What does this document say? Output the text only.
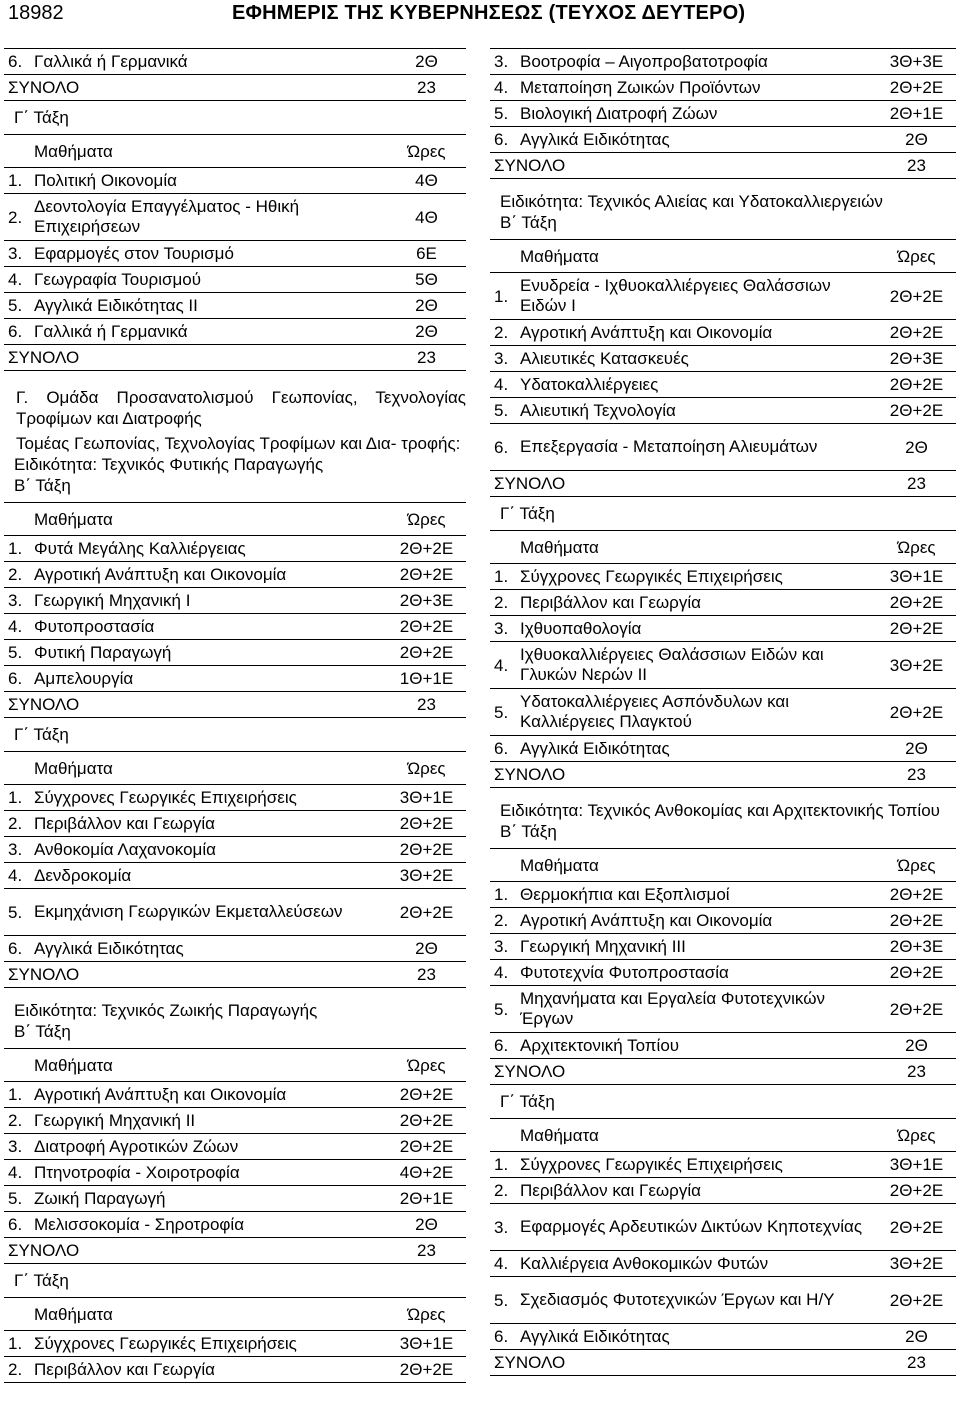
18982	ΕΦΗΜΕΡΙΣ ΤΗΣ ΚΥΒΕΡΝΗΣΕΩΣ (ΤΕΥΧΟΣ ΔΕΥΤΕΡΟ)
6.	Γαλλικά ή Γερμανικά	2Θ
ΣΥΝΟΛΟ		23
Γ΄ Τάξη
Μαθήματα		Ώρες
1.	Πολιτική Οικονομία	4Θ
2.	Δεοντολογία Επαγγέλματος - Ηθική Επιχειρήσεων	4Θ
3.	Εφαρμογές στον Τουρισμό	6Ε
4.	Γεωγραφία Τουρισμού	5Θ
5.	Αγγλικά Ειδικότητας ΙΙ	2Θ
6.	Γαλλικά ή Γερμανικά	2Θ
ΣΥΝΟΛΟ		23
Γ. Ομάδα Προσανατολισμού Γεωπονίας, Τεχνολογίας Τροφίμων και Διατροφής
Τομέας Γεωπονίας, Τεχνολογίας Τροφίμων και Δια- τροφής:
Ειδικότητα: Τεχνικός Φυτικής Παραγωγής
Β΄ Τάξη
Μαθήματα		Ώρες
1.	Φυτά Μεγάλης Καλλιέργειας	2Θ+2Ε
2.	Αγροτική Ανάπτυξη και Οικονομία	2Θ+2Ε
3.	Γεωργική Μηχανική Ι	2Θ+3Ε
4.	Φυτοπροστασία	2Θ+2Ε
5.	Φυτική Παραγωγή	2Θ+2Ε
6.	Αμπελουργία	1Θ+1Ε
ΣΥΝΟΛΟ		23
Γ΄ Τάξη
Μαθήματα		Ώρες
1.	Σύγχρονες Γεωργικές Επιχειρήσεις	3Θ+1Ε
2.	Περιβάλλον και Γεωργία	2Θ+2Ε
3.	Ανθοκομία Λαχανοκομία	2Θ+2Ε
4.	Δενδροκομία	3Θ+2Ε
5.	Εκμηχάνιση Γεωργικών Εκμεταλλεύσεων	2Θ+2Ε
6.	Αγγλικά Ειδικότητας	2Θ
ΣΥΝΟΛΟ		23
Ειδικότητα: Τεχνικός Ζωικής Παραγωγής
Β΄ Τάξη
Μαθήματα		Ώρες
1.	Αγροτική Ανάπτυξη και Οικονομία	2Θ+2Ε
2.	Γεωργική Μηχανική ΙΙ	2Θ+2Ε
3.	Διατροφή Αγροτικών Ζώων	2Θ+2Ε
4.	Πτηνοτροφία - Χοιροτροφία	4Θ+2Ε
5.	Ζωική Παραγωγή	2Θ+1Ε
6.	Μελισσοκομία - Σηροτροφία	2Θ
ΣΥΝΟΛΟ		23
Γ΄ Τάξη
Μαθήματα		Ώρες
1.	Σύγχρονες Γεωργικές Επιχειρήσεις	3Θ+1Ε
2.	Περιβάλλον και Γεωργία	2Θ+2Ε
3.	Βοοτροφία – Αιγοπροβατοτροφία	3Θ+3Ε
4.	Μεταποίηση Ζωικών Προϊόντων	2Θ+2Ε
5.	Βιολογική Διατροφή Ζώων	2Θ+1Ε
6.	Αγγλικά Ειδικότητας	2Θ
ΣΥΝΟΛΟ		23
Ειδικότητα: Τεχνικός Αλιείας και Υδατοκαλλιεργειών
Β΄ Τάξη
Μαθήματα		Ώρες
1.	Ενυδρεία - Ιχθυοκαλλιέργειες Θαλάσσιων Ειδών Ι	2Θ+2Ε
2.	Αγροτική Ανάπτυξη και Οικονομία	2Θ+2Ε
3.	Αλιευτικές Κατασκευές	2Θ+3Ε
4.	Υδατοκαλλιέργειες	2Θ+2Ε
5.	Αλιευτική Τεχνολογία	2Θ+2Ε
6.	Επεξεργασία - Μεταποίηση Αλιευμάτων	2Θ
ΣΥΝΟΛΟ		23
Γ΄ Τάξη
Μαθήματα		Ώρες
1.	Σύγχρονες Γεωργικές Επιχειρήσεις	3Θ+1Ε
2.	Περιβάλλον και Γεωργία	2Θ+2Ε
3.	Ιχθυοπαθολογία	2Θ+2Ε
4.	Ιχθυοκαλλιέργειες Θαλάσσιων Ειδών και Γλυκών Νερών ΙΙ	3Θ+2Ε
5.	Υδατοκαλλιέργειες Ασπόνδυλων και Καλλιέργειες Πλαγκτού	2Θ+2Ε
6.	Αγγλικά Ειδικότητας	2Θ
ΣΥΝΟΛΟ		23
Ειδικότητα: Τεχνικός Ανθοκομίας και Αρχιτεκτονικής Τοπίου
Β΄ Τάξη
Μαθήματα		Ώρες
1.	Θερμοκήπια και Εξοπλισμοί	2Θ+2Ε
2.	Αγροτική Ανάπτυξη και Οικονομία	2Θ+2Ε
3.	Γεωργική Μηχανική ΙΙΙ	2Θ+3Ε
4.	Φυτοτεχνία Φυτοπροστασία	2Θ+2Ε
5.	Μηχανήματα και Εργαλεία Φυτοτεχνικών Έργων	2Θ+2Ε
6.	Αρχιτεκτονική Τοπίου	2Θ
ΣΥΝΟΛΟ		23
Γ΄ Τάξη
Μαθήματα		Ώρες
1.	Σύγχρονες Γεωργικές Επιχειρήσεις	3Θ+1Ε
2.	Περιβάλλον και Γεωργία	2Θ+2Ε
3.	Εφαρμογές Αρδευτικών Δικτύων Κηποτεχνίας	2Θ+2Ε
4.	Καλλιέργεια Ανθοκομικών Φυτών	3Θ+2Ε
5.	Σχεδιασμός Φυτοτεχνικών Έργων και Η/Υ	2Θ+2Ε
6.	Αγγλικά Ειδικότητας	2Θ
ΣΥΝΟΛΟ		23
